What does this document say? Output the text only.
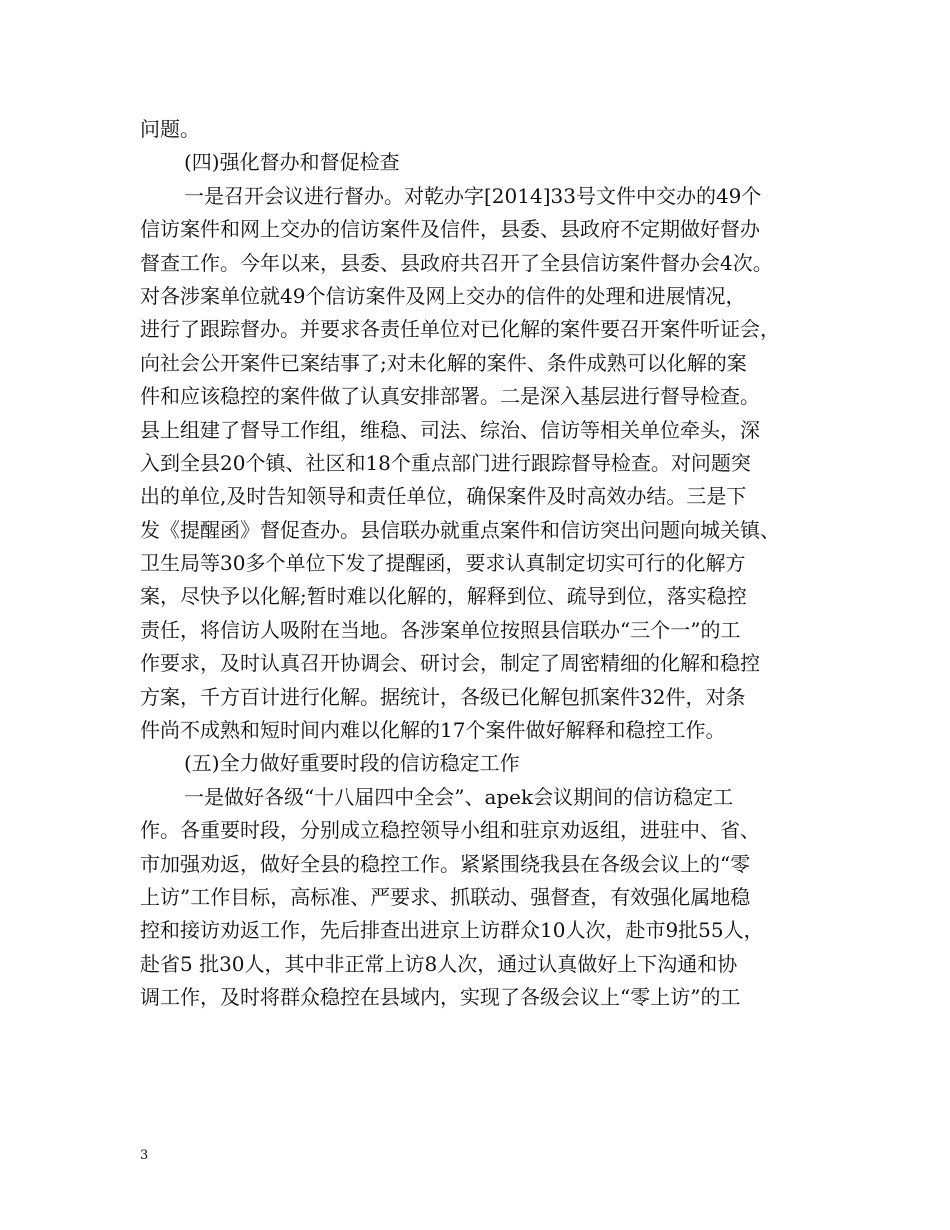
问题。
(四)强化督办和督促检查
一是召开会议进行督办。对乾办字[2014]33号文件中交办的49个
信访案件和网上交办的信访案件及信件，县委、县政府不定期做好督办
督查工作。今年以来，县委、县政府共召开了全县信访案件督办会4次。
对各涉案单位就49个信访案件及网上交办的信件的处理和进展情况，
进行了跟踪督办。并要求各责任单位对已化解的案件要召开案件听证会，
向社会公开案件已案结事了;对未化解的案件、条件成熟可以化解的案
件和应该稳控的案件做了认真安排部署。二是深入基层进行督导检查。
县上组建了督导工作组，维稳、司法、综治、信访等相关单位牵头，深
入到全县20个镇、社区和18个重点部门进行跟踪督导检查。对问题突
出的单位,及时告知领导和责任单位，确保案件及时高效办结。三是下
发《提醒函》督促查办。县信联办就重点案件和信访突出问题向城关镇、
卫生局等30多个单位下发了提醒函，要求认真制定切实可行的化解方
案，尽快予以化解;暂时难以化解的，解释到位、疏导到位，落实稳控
责任，将信访人吸附在当地。各涉案单位按照县信联办“三个一”的工
作要求，及时认真召开协调会、研讨会，制定了周密精细的化解和稳控
方案，千方百计进行化解。据统计，各级已化解包抓案件32件，对条
件尚不成熟和短时间内难以化解的17个案件做好解释和稳控工作。
(五)全力做好重要时段的信访稳定工作
一是做好各级“十八届四中全会”、apek会议期间的信访稳定工
作。各重要时段，分别成立稳控领导小组和驻京劝返组，进驻中、省、
市加强劝返，做好全县的稳控工作。紧紧围绕我县在各级会议上的“零
上访”工作目标，高标准、严要求、抓联动、强督查，有效强化属地稳
控和接访劝返工作，先后排查出进京上访群众10人次，赴市9批55人，
赴省5 批30人，其中非正常上访8人次，通过认真做好上下沟通和协
调工作，及时将群众稳控在县域内，实现了各级会议上“零上访”的工
3
